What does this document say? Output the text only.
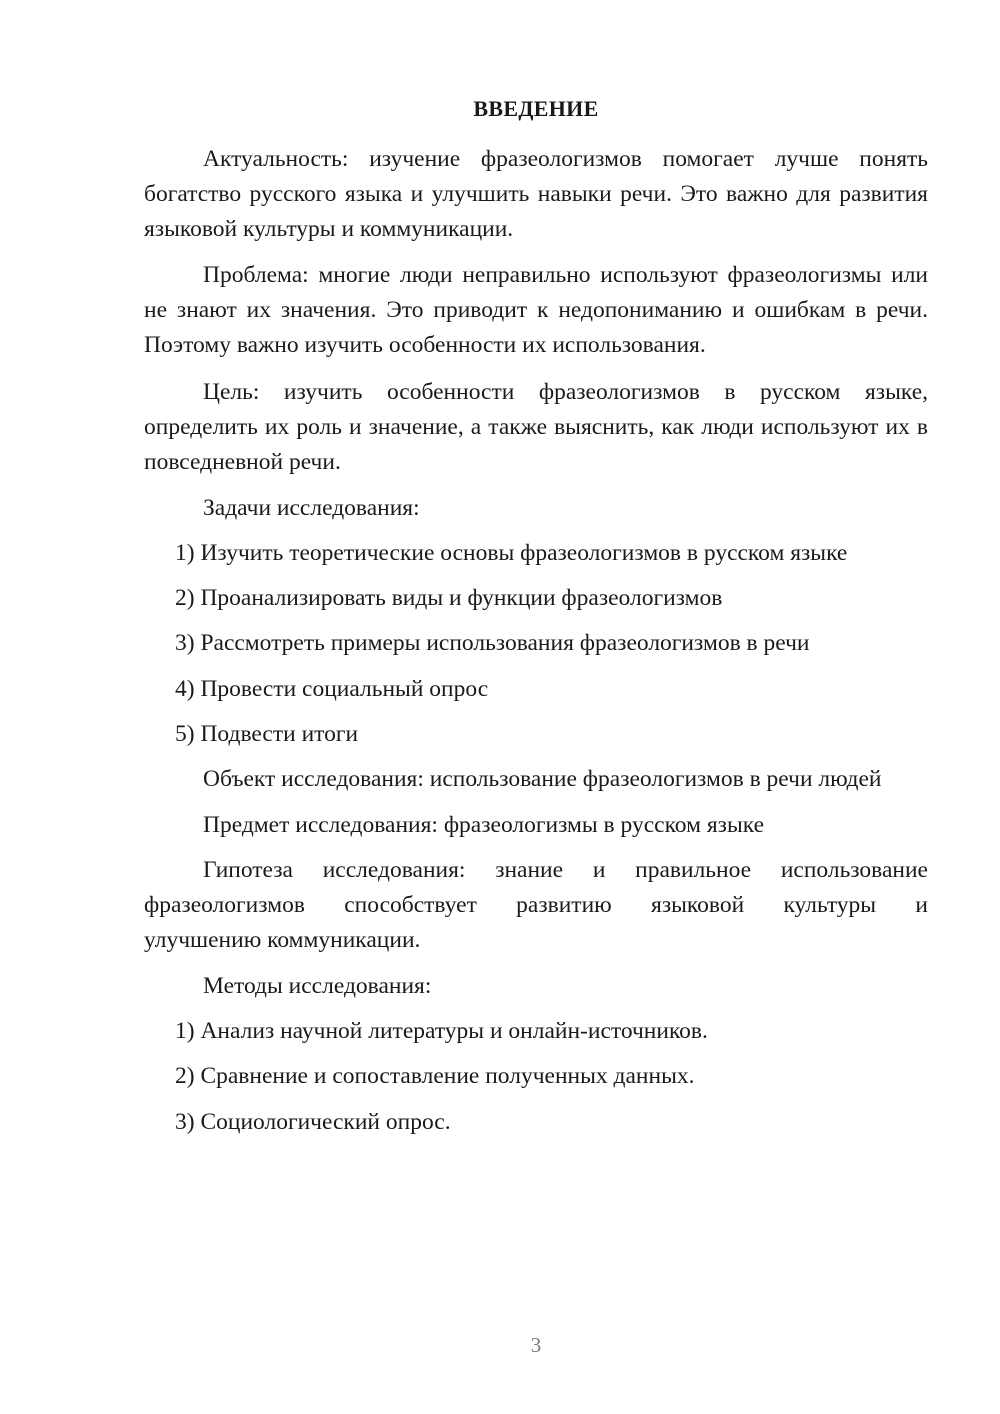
ВВЕДЕНИЕ
Актуальность: изучение фразеологизмов помогает лучше понять богатство русского языка и улучшить навыки речи. Это важно для развития языковой культуры и коммуникации.
Проблема: многие люди неправильно используют фразеологизмы или не знают их значения. Это приводит к недопониманию и ошибкам в речи. Поэтому важно изучить особенности их использования.
Цель: изучить особенности фразеологизмов в русском языке, определить их роль и значение, а также выяснить, как люди используют их в повседневной речи.
Задачи исследования:
1) Изучить теоретические основы фразеологизмов в русском языке
2) Проанализировать виды и функции фразеологизмов
3) Рассмотреть примеры использования фразеологизмов в речи
4) Провести социальный опрос
5) Подвести итоги
Объект исследования: использование фразеологизмов в речи людей
Предмет исследования: фразеологизмы в русском языке
Гипотеза исследования: знание и правильное использование
фразеологизмов способствует развитию языковой культуры и
улучшению коммуникации.
Методы исследования:
1) Анализ научной литературы и онлайн-источников.
2) Сравнение и сопоставление полученных данных.
3) Социологический опрос.
3
